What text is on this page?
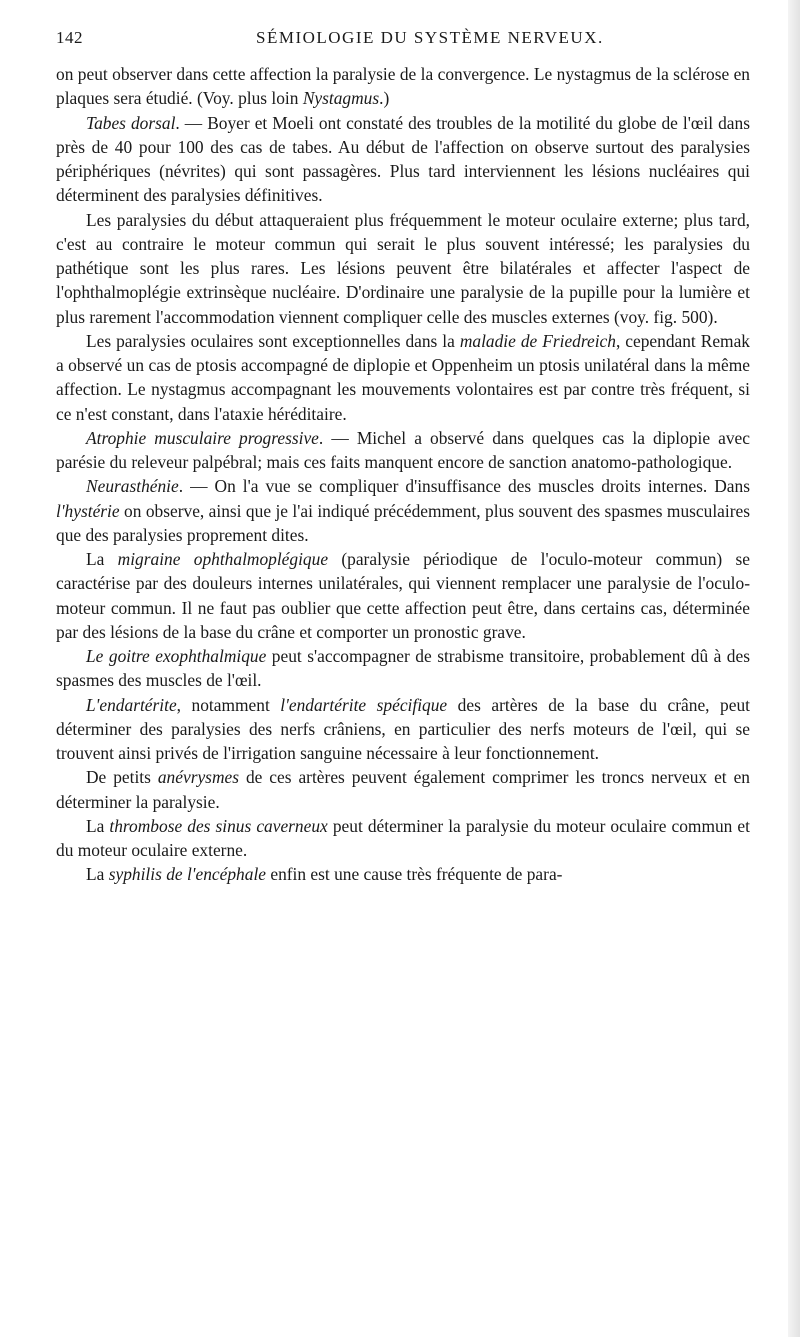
142	SÉMIOLOGIE DU SYSTÈME NERVEUX.

on peut observer dans cette affection la paralysie de la convergence. Le nystagmus de la sclérose en plaques sera étudié. (Voy. plus loin Nystagmus.)

Tabes dorsal. — Boyer et Moeli ont constaté des troubles de la motilité du globe de l'œil dans près de 40 pour 100 des cas de tabes. Au début de l'affection on observe surtout des paralysies périphériques (névrites) qui sont passagères. Plus tard interviennent les lésions nucléaires qui déterminent des paralysies définitives.

Les paralysies du début attaqueraient plus fréquemment le moteur oculaire externe; plus tard, c'est au contraire le moteur commun qui serait le plus souvent intéressé; les paralysies du pathétique sont les plus rares. Les lésions peuvent être bilatérales et affecter l'aspect de l'ophthalmoplégie extrinsèque nucléaire. D'ordinaire une paralysie de la pupille pour la lumière et plus rarement l'accommodation viennent compliquer celle des muscles externes (voy. fig. 500).

Les paralysies oculaires sont exceptionnelles dans la maladie de Friedreich, cependant Remak a observé un cas de ptosis accompagné de diplopie et Oppenheim un ptosis unilatéral dans la même affection. Le nystagmus accompagnant les mouvements volontaires est par contre très fréquent, si ce n'est constant, dans l'ataxie héréditaire.

Atrophie musculaire progressive. — Michel a observé dans quelques cas la diplopie avec parésie du releveur palpébral; mais ces faits manquent encore de sanction anatomo-pathologique.

Neurasthénie. — On l'a vue se compliquer d'insuffisance des muscles droits internes. Dans l'hystérie on observe, ainsi que je l'ai indiqué précédemment, plus souvent des spasmes musculaires que des paralysies proprement dites.

La migraine ophthalmoplégique (paralysie périodique de l'oculo-moteur commun) se caractérise par des douleurs internes unilatérales, qui viennent remplacer une paralysie de l'oculo-moteur commun. Il ne faut pas oublier que cette affection peut être, dans certains cas, déterminée par des lésions de la base du crâne et comporter un pronostic grave.

Le goitre exophthalmique peut s'accompagner de strabisme transitoire, probablement dû à des spasmes des muscles de l'œil.

L'endartérite, notamment l'endartérite spécifique des artères de la base du crâne, peut déterminer des paralysies des nerfs crâniens, en particulier des nerfs moteurs de l'œil, qui se trouvent ainsi privés de l'irrigation sanguine nécessaire à leur fonctionnement.

De petits anévrysmes de ces artères peuvent également comprimer les troncs nerveux et en déterminer la paralysie.

La thrombose des sinus caverneux peut déterminer la paralysie du moteur oculaire commun et du moteur oculaire externe.

La syphilis de l'encéphale enfin est une cause très fréquente de para-
